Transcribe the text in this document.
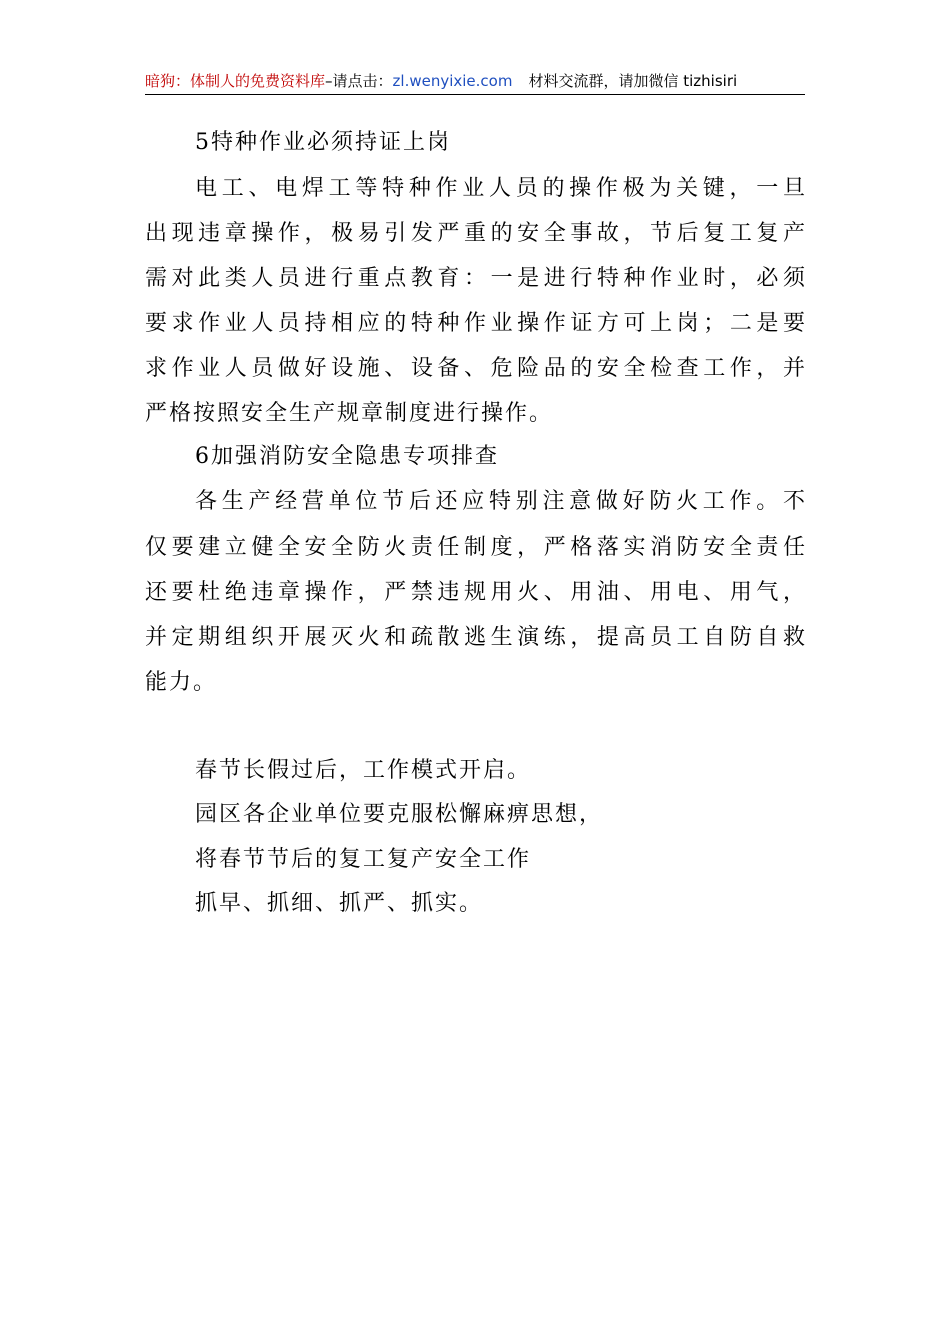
暗狗：体制人的免费资料库–请点击：zl.wenyixie.com 材料交流群，请加微信 tizhisiri
5特种作业必须持证上岗
电工、电焊工等特种作业人员的操作极为关键，一旦
出现违章操作，极易引发严重的安全事故，节后复工复产
需对此类人员进行重点教育：一是进行特种作业时，必须
要求作业人员持相应的特种作业操作证方可上岗；二是要
求作业人员做好设施、设备、危险品的安全检查工作，并
严格按照安全生产规章制度进行操作。
6加强消防安全隐患专项排查
各生产经营单位节后还应特别注意做好防火工作。不
仅要建立健全安全防火责任制度，严格落实消防安全责任
还要杜绝违章操作，严禁违规用火、用油、用电、用气，
并定期组织开展灭火和疏散逃生演练，提高员工自防自救
能力。
春节长假过后，工作模式开启。
园区各企业单位要克服松懈麻痹思想，
将春节节后的复工复产安全工作
抓早、抓细、抓严、抓实。
